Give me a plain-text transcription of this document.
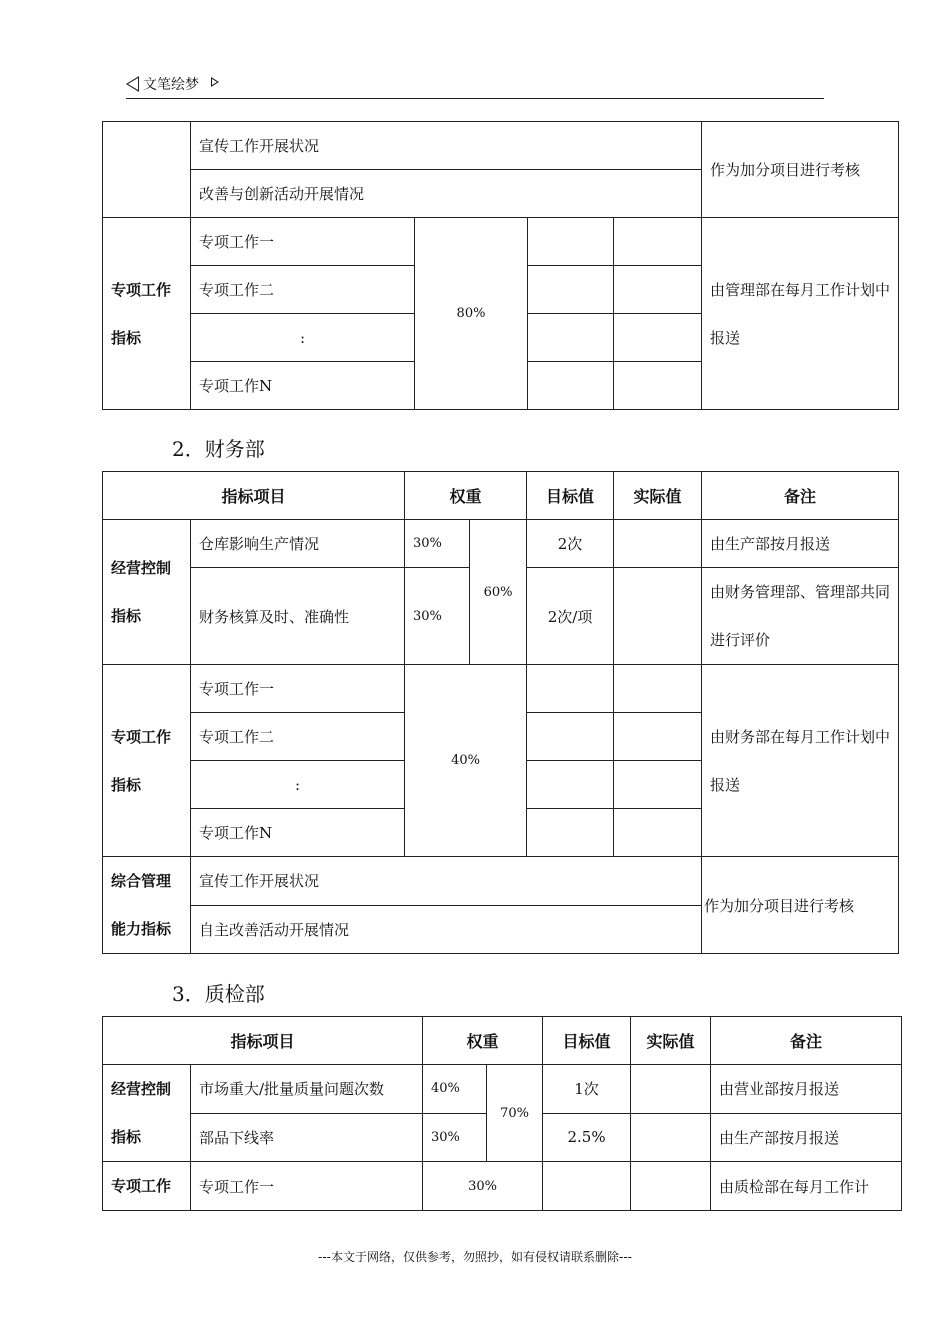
文笔绘梦
	宣传工作开展状况				作为加分项目进行考核
	改善与创新活动开展情况				
专项工作指标	专项工作一	80%			由管理部在每月工作计划中报送
	专项工作二				
	:				
	专项工作N				
2．财务部
指标项目		权重		目标值	实际值	备注
经营控制指标	仓库影响生产情况	30%	60%	2次		由生产部按月报送
	财务核算及时、准确性	30%		2次/项		由财务管理部、管理部共同进行评价
专项工作指标	专项工作一	40%				由财务部在每月工作计划中报送
	专项工作二					
	:					
	专项工作N					
综合管理能力指标	宣传工作开展状况					作为加分项目进行考核
	自主改善活动开展情况					
3．质检部
指标项目		权重		目标值	实际值	备注
经营控制指标	市场重大/批量质量问题次数	40%	70%	1次		由营业部按月报送
	部品下线率	30%		2.5%		由生产部按月报送
专项工作	专项工作一	30%				由质检部在每月工作计
---本文于网络，仅供参考，勿照抄，如有侵权请联系删除---
